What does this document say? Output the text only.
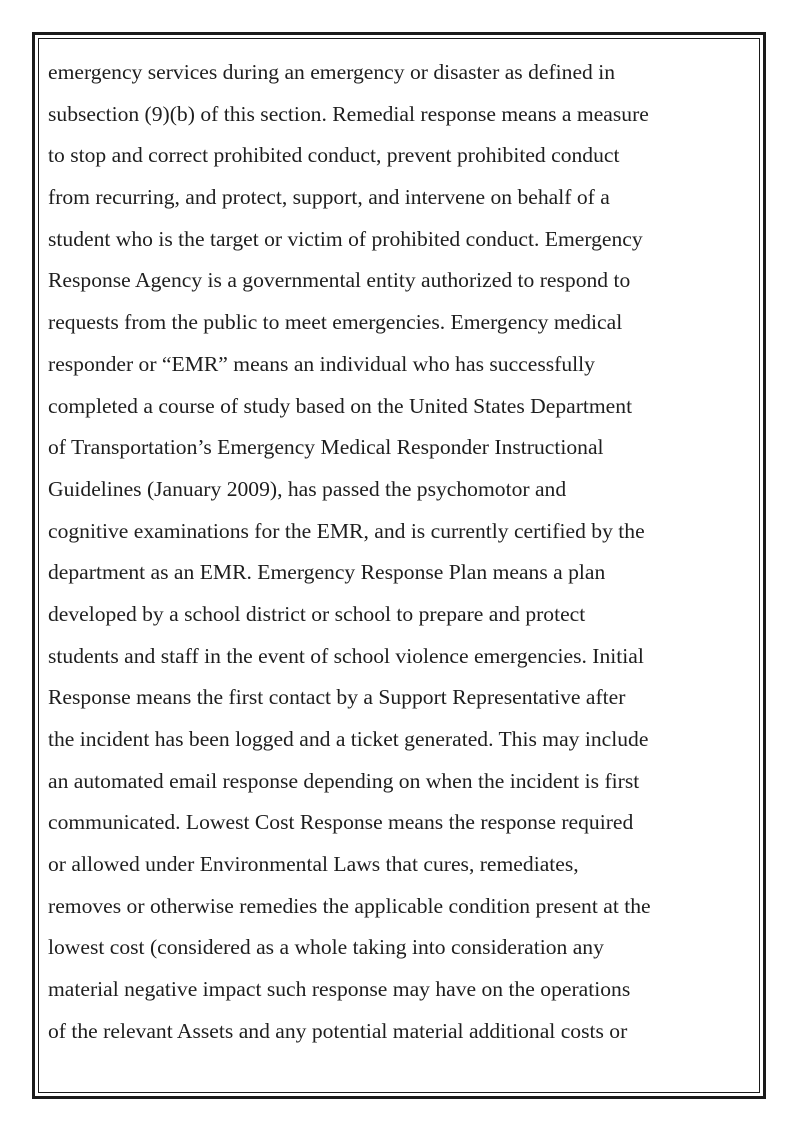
emergency services during an emergency or disaster as defined in
subsection (9)(b) of this section. Remedial response means a measure
to stop and correct prohibited conduct, prevent prohibited conduct
from recurring, and protect, support, and intervene on behalf of a
student who is the target or victim of prohibited conduct. Emergency
Response Agency is a governmental entity authorized to respond to
requests from the public to meet emergencies. Emergency medical
responder or “EMR” means an individual who has successfully
completed a course of study based on the United States Department
of Transportation’s Emergency Medical Responder Instructional
Guidelines (January 2009), has passed the psychomotor and
cognitive examinations for the EMR, and is currently certified by the
department as an EMR. Emergency Response Plan means a plan
developed by a school district or school to prepare and protect
students and staff in the event of school violence emergencies. Initial
Response means the first contact by a Support Representative after
the incident has been logged and a ticket generated. This may include
an automated email response depending on when the incident is first
communicated. Lowest Cost Response means the response required
or allowed under Environmental Laws that cures, remediates,
removes or otherwise remedies the applicable condition present at the
lowest cost (considered as a whole taking into consideration any
material negative impact such response may have on the operations
of the relevant Assets and any potential material additional costs or
